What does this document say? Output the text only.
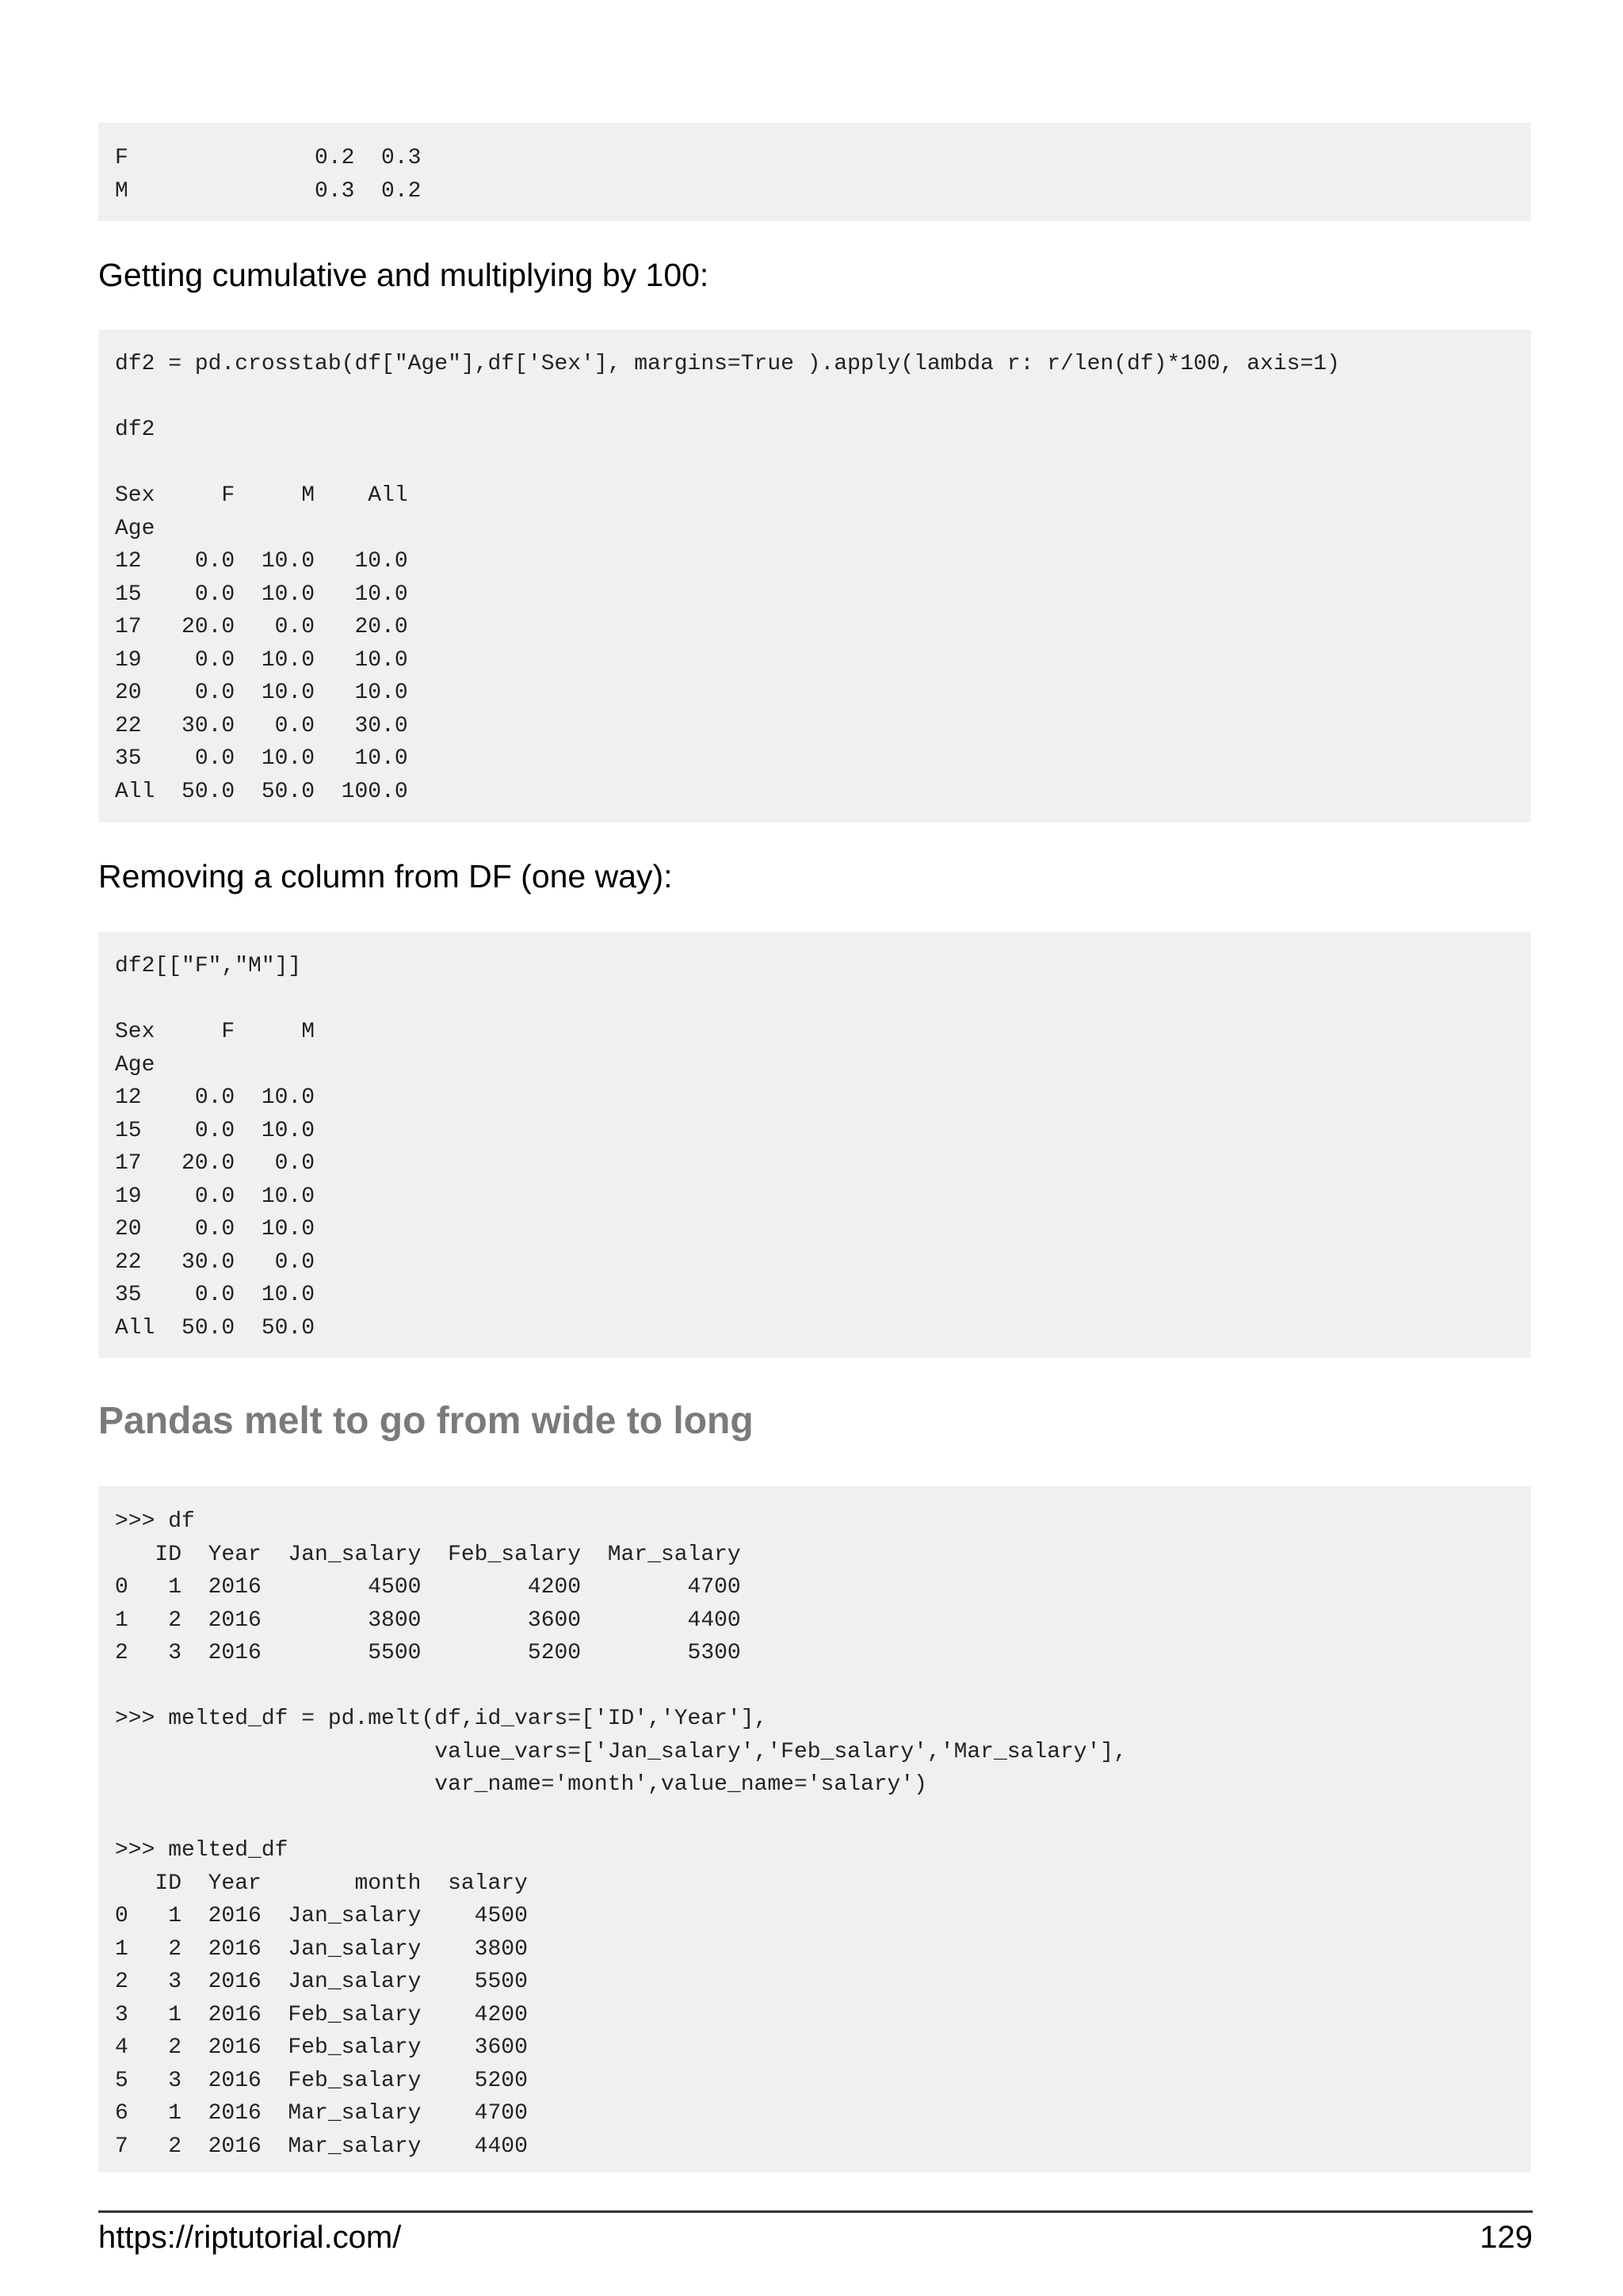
F              0.2  0.3
M              0.3  0.2

Getting cumulative and multiplying by 100:

df2 = pd.crosstab(df["Age"],df['Sex'], margins=True ).apply(lambda r: r/len(df)*100, axis=1)

df2

Sex     F     M    All
Age
12    0.0  10.0   10.0
15    0.0  10.0   10.0
17   20.0   0.0   20.0
19    0.0  10.0   10.0
20    0.0  10.0   10.0
22   30.0   0.0   30.0
35    0.0  10.0   10.0
All  50.0  50.0  100.0

Removing a column from DF (one way):

df2[["F","M"]]

Sex     F     M
Age
12    0.0  10.0
15    0.0  10.0
17   20.0   0.0
19    0.0  10.0
20    0.0  10.0
22   30.0   0.0
35    0.0  10.0
All  50.0  50.0
Pandas melt to go from wide to long
>>> df
ID  Year  Jan_salary  Feb_salary  Mar_salary
0   1  2016        4500        4200        4700
1   2  2016        3800        3600        4400
2   3  2016        5500        5200        5300

>>> melted_df = pd.melt(df,id_vars=['ID','Year'],
value_vars=['Jan_salary','Feb_salary','Mar_salary'],
var_name='month',value_name='salary')

>>> melted_df
ID  Year       month  salary
0   1  2016  Jan_salary    4500
1   2  2016  Jan_salary    3800
2   3  2016  Jan_salary    5500
3   1  2016  Feb_salary    4200
4   2  2016  Feb_salary    3600
5   3  2016  Feb_salary    5200
6   1  2016  Mar_salary    4700
7   2  2016  Mar_salary    4400
https://riptutorial.com/	129
